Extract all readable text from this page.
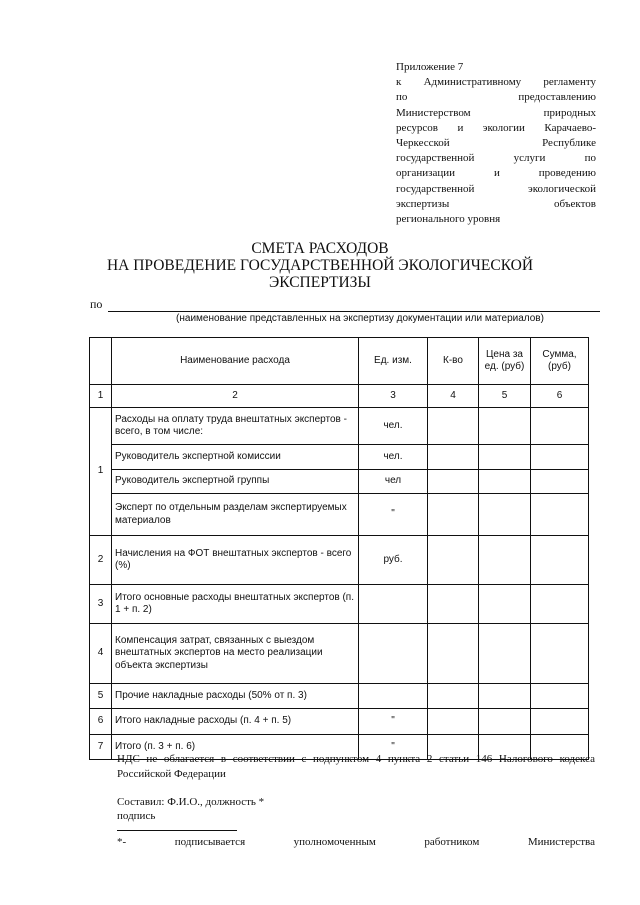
Приложение 7
к Административному регламенту
по предоставлению
Министерством природных
ресурсов и экологии Карачаево-
Черкесской Республике
государственной услуги по
организации и проведению
государственной экологической
экспертизы объектов
регионального уровня
СМЕТА РАСХОДОВ
НА ПРОВЕДЕНИЕ ГОСУДАРСТВЕННОЙ ЭКОЛОГИЧЕСКОЙ
ЭКСПЕРТИЗЫ
по
(наименование представленных на экспертизу документации или материалов)
	Наименование расхода	Ед. изм.	К-во	Цена за ед. (руб)	Сумма, (руб)
1	2	3	4	5	6
1	Расходы на оплату труда внештатных экспертов - всего, в том числе:	чел.			
	Руководитель экспертной комиссии	чел.			
	Руководитель экспертной группы	чел			
	Эксперт по отдельным разделам экспертируемых материалов	"			
2	Начисления на ФОТ внештатных экспертов - всего (%)	руб.			
3	Итого основные расходы внештатных экспертов (п. 1 + п. 2)				
4	Компенсация затрат, связанных с выездом внештатных экспертов на место реализации объекта экспертизы				
5	Прочие накладные расходы (50% от п. 3)				
6	Итого накладные расходы (п. 4 + п. 5)	"			
7	Итого (п. 3 + п. 6)	"			
НДС не облагается в соответствии с подпунктом 4 пункта 2 статьи 146 Налогового кодекса Российской Федерации
Составил: Ф.И.О., должность *
подпись
*- подписывается уполномоченным работником Министерства
